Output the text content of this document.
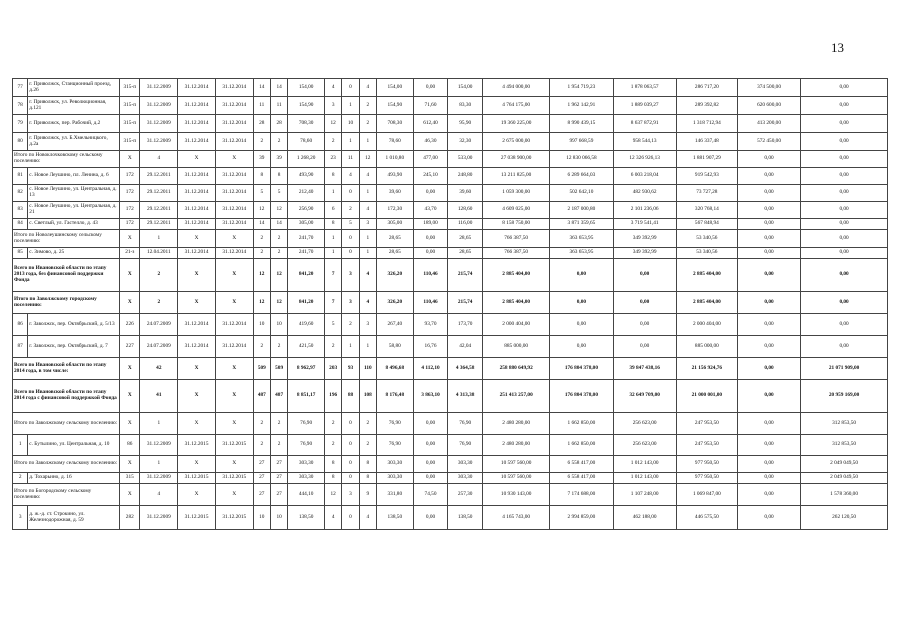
13
77	г. Приволжск, Станционный проезд, д.26	315-п	31.12.2009	31.12.2014	31.12.2014	14	14	154,00	4	0	4	154,00	0,00	154,00	4 494 000,00	1 954 719,23	1 878 063,57	286 717,20	374 500,00	0,00
78	г. Приволжск, ул. Революционная, д.121	315-п	31.12.2009	31.12.2014	31.12.2014	11	11	154,90	3	1	2	154,90	71,60	83,30	4 764 175,00	1 962 142,91	1 889 039,27	289 392,82	620 600,00	0,00
79	г. Приволжск, пер. Рабочий, д.2	315-п	31.12.2009	31.12.2014	31.12.2014	28	28	708,30	12	10	2	708,30	612,40	95,90	19 360 225,00	8 990 439,15	8 637 872,91	1 318 712,94	413 200,00	0,00
80	г. Приволжск, ул. Б.Хмельницкого, д.2а	315-п	31.12.2009	31.12.2014	31.12.2014	2	2	78,60	2	1	1	78,60	46,30	32,30	2 675 000,00	997 668,59	958 544,13	146 337,48	572 450,00	0,00
Итого по Новоклочковскому сельскому поселению:		X	4	X	X	39	39	1 268,20	23	11	12	1 010,80	477,00	533,00	27 038 900,00	12 830 066,58	12 326 926,13	1 881 907,29	0,00	0,00
81	с. Новое Леушино, пл. Ленина, д. 6	172	29.12.2011	31.12.2014	31.12.2014	8	8	493,90	8	4	4	493,90	245,10	248,80	13 211 825,00	6 289 664,03	6 003 218,04	919 542,93	0,00	0,00
82	с. Новое Леушино, ул. Центральная, д. 13	172	29.12.2011	31.12.2014	31.12.2014	5	5	212,40	1	0	1	39,60	0,00	39,60	1 059 300,00	502 642,10	482 930,62	73 727,28	0,00	0,00
83	с. Новое Леушино, ул. Центральная, д. 21	172	29.12.2011	31.12.2014	31.12.2014	12	12	256,90	6	2	4	172,30	43,70	128,60	4 609 025,00	2 187 000,80	2 101 236,06	320 768,14	0,00	0,00
84	с. Светлый, ул. Гастелло, д. 43	172	29.12.2011	31.12.2014	31.12.2014	14	14	305,00	8	5	3	305,00	189,00	116,00	8 158 750,00	3 871 359,65	3 719 541,41	567 848,94	0,00	0,00
Итого по Новолеушинскому сельскому поселению:		X	1	X	X	2	2	241,70	1	0	1	28,65	0,00	28,65	766 387,50	363 653,95	349 392,99	53 340,56	0,00	0,00
85	с. Зимово, д. 25	21-з	12.04.2011	31.12.2014	31.12.2014	2	2	241,70	1	0	1	28,65	0,00	28,65	766 387,50	363 653,95	349 392,99	53 340,56	0,00	0,00
Всего по Ивановской области по этапу 2013 года, без финансовой поддержки Фонда		X	2	X	X	12	12	841,20	7	3	4	326,20	110,46	215,74	2 885 404,00	0,00	0,00	2 885 404,00	0,00	0,00
Итого по Заволжскому городскому поселению:		X	2	X	X	12	12	841,20	7	3	4	326,20	110,46	215,74	2 885 404,00	0,00	0,00	2 885 404,00	0,00	0,00
86	г. Заволжск, пер. Октябрьский, д. 5/13	226	24.07.2009	31.12.2014	31.12.2014	10	10	419,60	5	2	3	267,40	93,70	173,70	2 000 404,00	0,00	0,00	2 000 404,00	0,00	0,00
87	г. Заволжск, пер. Октябрьский, д. 7	227	24.07.2009	31.12.2014	31.12.2014	2	2	421,50	2	1	1	58,80	16,76	42,04	885 000,00	0,00	0,00	885 000,00	0,00	0,00
Всего по Ивановской области по этапу 2014 года, в том числе:		X	42	X	X	509	509	8 962,97	203	93	110	8 496,68	4 112,10	4 364,58	258 880 649,92	176 804 378,00	39 847 438,16	21 156 924,76	0,00	21 071 909,00
Всего по Ивановской области по этапу 2014 года с финансовой поддержкой Фонда		X	41	X	X	487	487	8 851,17	196	88	108	8 176,48	3 863,10	4 313,38	251 413 257,00	176 804 378,00	32 649 709,00	21 000 001,00	0,00	20 959 169,00
Итого по Заволжскому сельскому поселению:		X	1	X	X	2	2	76,90	2	0	2	76,90	0,00	76,90	2 480 280,00	1 662 850,00	256 623,00	247 953,50	0,00	312 853,50
1	с. Бутылино, ул. Центральная, д. 10	86	31.12.2009	31.12.2015	31.12.2015	2	2	76,90	2	0	2	76,90	0,00	76,90	2 480 280,00	1 662 850,00	256 623,00	247 953,50	0,00	312 853,50
Итого по Заволжскому сельскому поселению:		X	1	X	X	27	27	303,30	8	0	8	303,30	0,00	303,30	10 597 560,00	6 558 417,00	1 012 143,00	977 950,50	0,00	2 049 049,50
2	д. Тохарьино, д. 16	315	31.12.2009	31.12.2015	31.12.2015	27	27	303,30	8	0	8	303,30	0,00	303,30	10 597 560,00	6 558 417,00	1 012 143,00	977 950,50	0,00	2 049 049,50
Итого по Богородскому сельскому поселению:		X	4	X	X	27	27	444,10	12	3	9	331,80	74,50	257,30	10 930 143,00	7 174 688,00	1 107 248,00	1 069 847,00	0,00	1 578 360,00
3	д. ж.-д. ст. Строкино, ул. Железнодорожная, д. 59	282	31.12.2009	31.12.2015	31.12.2015	10	10	138,50	4	0	4	138,50	0,00	138,50	4 165 743,00	2 994 859,00	462 188,00	446 575,50	0,00	262 120,50
